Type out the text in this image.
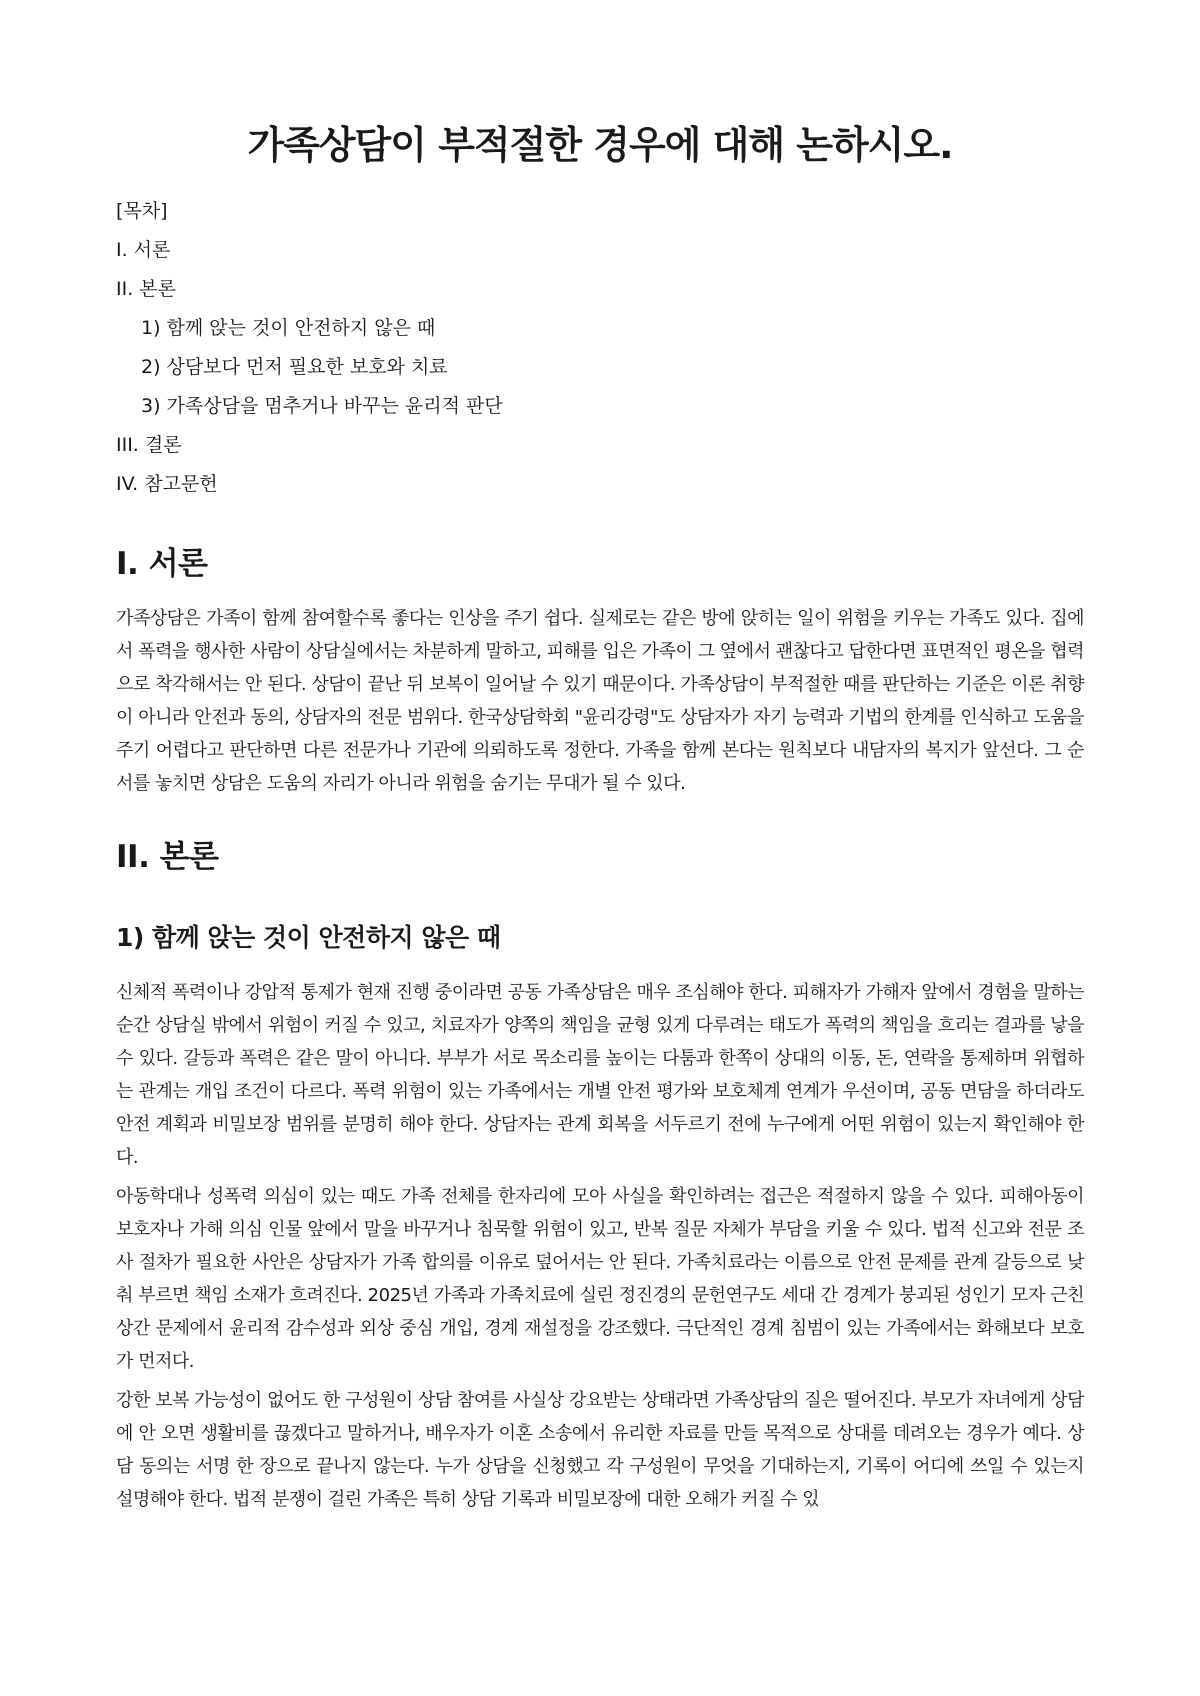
가족상담이 부적절한 경우에 대해 논하시오.
[목차]
I. 서론
II. 본론
1) 함께 앉는 것이 안전하지 않은 때
2) 상담보다 먼저 필요한 보호와 치료
3) 가족상담을 멈추거나 바꾸는 윤리적 판단
III. 결론
IV. 참고문헌
I. 서론

가족상담은 가족이 함께 참여할수록 좋다는 인상을 주기 쉽다. 실제로는 같은 방에 앉히는 일이 위험을 키우는 가족도 있다. 집에서 폭력을 행사한 사람이 상담실에서는 차분하게 말하고, 피해를 입은 가족이 그 옆에서 괜찮다고 답한다면 표면적인 평온을 협력으로 착각해서는 안 된다. 상담이 끝난 뒤 보복이 일어날 수 있기 때문이다. 가족상담이 부적절한 때를 판단하는 기준은 이론 취향이 아니라 안전과 동의, 상담자의 전문 범위다. 한국상담학회 "윤리강령"도 상담자가 자기 능력과 기법의 한계를 인식하고 도움을 주기 어렵다고 판단하면 다른 전문가나 기관에 의뢰하도록 정한다. 가족을 함께 본다는 원칙보다 내담자의 복지가 앞선다. 그 순서를 놓치면 상담은 도움의 자리가 아니라 위험을 숨기는 무대가 될 수 있다.

II. 본론
1) 함께 앉는 것이 안전하지 않은 때

신체적 폭력이나 강압적 통제가 현재 진행 중이라면 공동 가족상담은 매우 조심해야 한다. 피해자가 가해자 앞에서 경험을 말하는 순간 상담실 밖에서 위험이 커질 수 있고, 치료자가 양쪽의 책임을 균형 있게 다루려는 태도가 폭력의 책임을 흐리는 결과를 낳을 수 있다. 갈등과 폭력은 같은 말이 아니다. 부부가 서로 목소리를 높이는 다툼과 한쪽이 상대의 이동, 돈, 연락을 통제하며 위협하는 관계는 개입 조건이 다르다. 폭력 위험이 있는 가족에서는 개별 안전 평가와 보호체계 연계가 우선이며, 공동 면담을 하더라도 안전 계획과 비밀보장 범위를 분명히 해야 한다. 상담자는 관계 회복을 서두르기 전에 누구에게 어떤 위험이 있는지 확인해야 한다.

아동학대나 성폭력 의심이 있는 때도 가족 전체를 한자리에 모아 사실을 확인하려는 접근은 적절하지 않을 수 있다. 피해아동이 보호자나 가해 의심 인물 앞에서 말을 바꾸거나 침묵할 위험이 있고, 반복 질문 자체가 부담을 키울 수 있다. 법적 신고와 전문 조사 절차가 필요한 사안은 상담자가 가족 합의를 이유로 덮어서는 안 된다. 가족치료라는 이름으로 안전 문제를 관계 갈등으로 낮춰 부르면 책임 소재가 흐려진다. 2025년 가족과 가족치료에 실린 정진경의 문헌연구도 세대 간 경계가 붕괴된 성인기 모자 근친상간 문제에서 윤리적 감수성과 외상 중심 개입, 경계 재설정을 강조했다. 극단적인 경계 침범이 있는 가족에서는 화해보다 보호가 먼저다.

강한 보복 가능성이 없어도 한 구성원이 상담 참여를 사실상 강요받는 상태라면 가족상담의 질은 떨어진다. 부모가 자녀에게 상담에 안 오면 생활비를 끊겠다고 말하거나, 배우자가 이혼 소송에서 유리한 자료를 만들 목적으로 상대를 데려오는 경우가 예다. 상담 동의는 서명 한 장으로 끝나지 않는다. 누가 상담을 신청했고 각 구성원이 무엇을 기대하는지, 기록이 어디에 쓰일 수 있는지 설명해야 한다. 법적 분쟁이 걸린 가족은 특히 상담 기록과 비밀보장에 대한 오해가 커질 수 있
